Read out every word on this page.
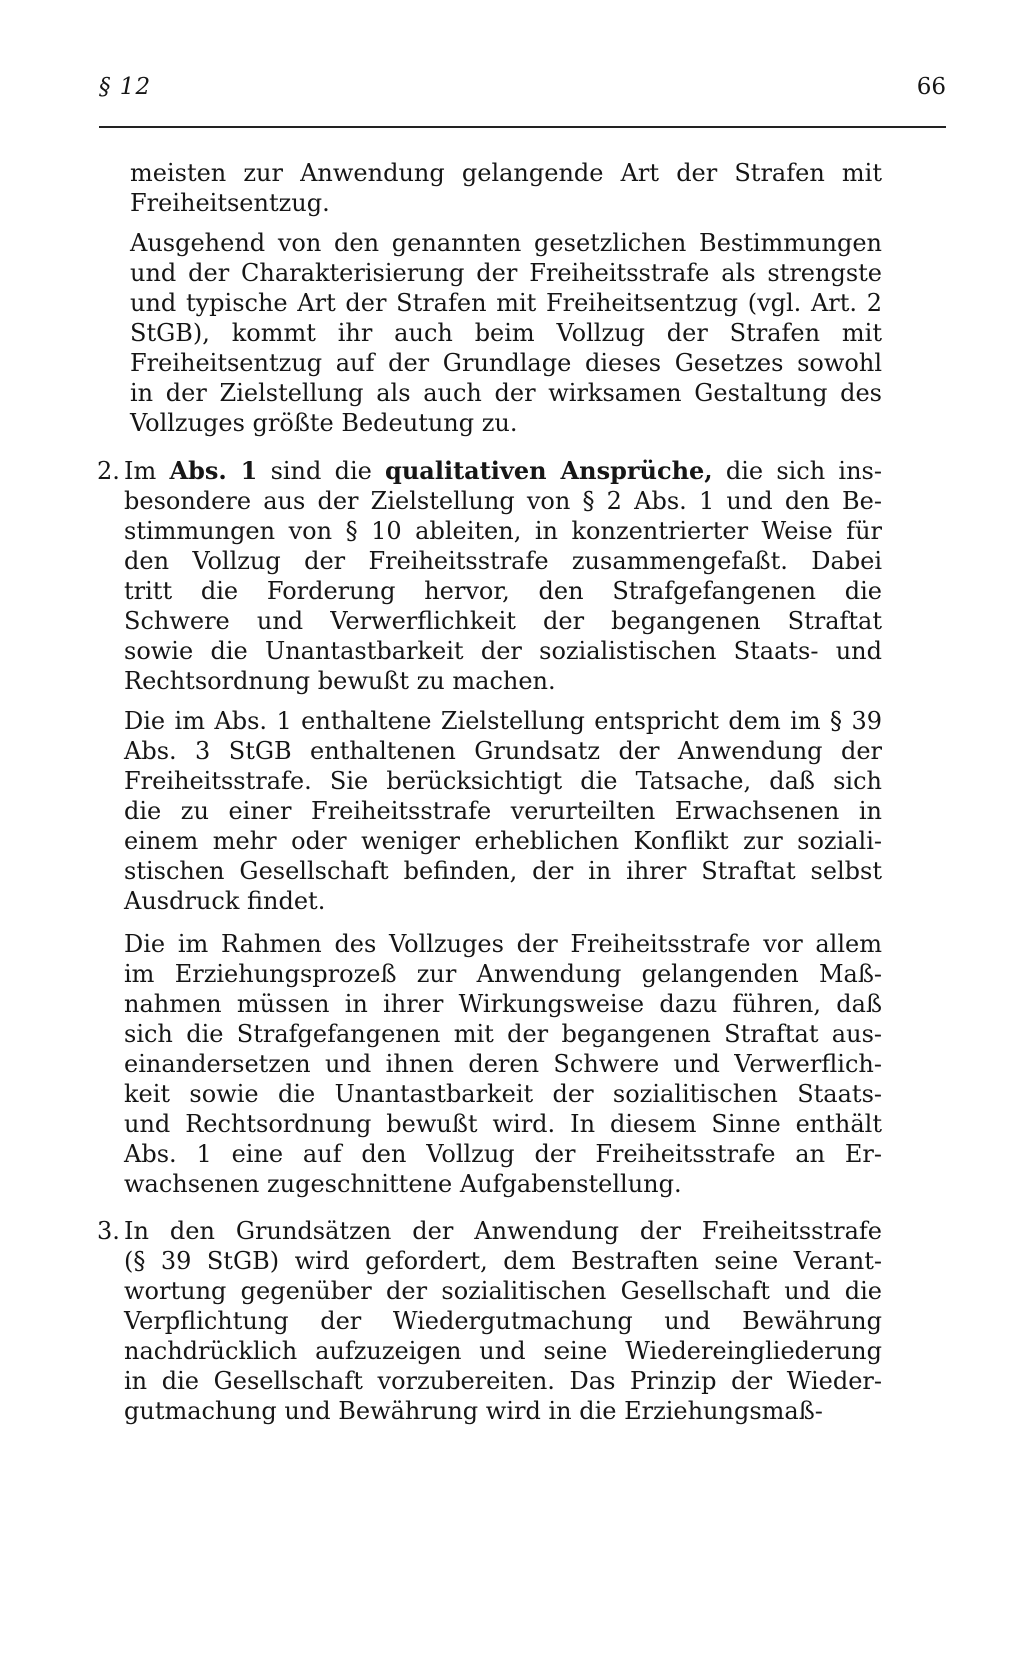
§ 12	66
meisten zur Anwendung gelangende Art der Strafen mit
Freiheitsentzug.
Ausgehend von den genannten gesetzlichen Bestimmungen
und der Charakterisierung der Freiheitsstrafe als strengste
und typische Art der Strafen mit Freiheitsentzug (vgl. Art. 2
StGB), kommt ihr auch beim Vollzug der Strafen mit
Freiheitsentzug auf der Grundlage dieses Gesetzes sowohl
in der Zielstellung als auch der wirksamen Gestaltung des
Vollzuges größte Bedeutung zu.
2. Im Abs. 1 sind die qualitativen Ansprüche, die sich ins-
besondere aus der Zielstellung von § 2 Abs. 1 und den Be-
stimmungen von § 10 ableiten, in konzentrierter Weise für
den Vollzug der Freiheitsstrafe zusammengefaßt. Dabei
tritt die Forderung hervor, den Strafgefangenen die
Schwere und Verwerflichkeit der begangenen Straftat
sowie die Unantastbarkeit der sozialistischen Staats- und
Rechtsordnung bewußt zu machen.
Die im Abs. 1 enthaltene Zielstellung entspricht dem im § 39
Abs. 3 StGB enthaltenen Grundsatz der Anwendung der
Freiheitsstrafe. Sie berücksichtigt die Tatsache, daß sich
die zu einer Freiheitsstrafe verurteilten Erwachsenen in
einem mehr oder weniger erheblichen Konflikt zur soziali-
stischen Gesellschaft befinden, der in ihrer Straftat selbst
Ausdruck findet.
Die im Rahmen des Vollzuges der Freiheitsstrafe vor allem
im Erziehungsprozeß zur Anwendung gelangenden Maß-
nahmen müssen in ihrer Wirkungsweise dazu führen, daß
sich die Strafgefangenen mit der begangenen Straftat aus-
einandersetzen und ihnen deren Schwere und Verwerflich-
keit sowie die Unantastbarkeit der sozialitischen Staats-
und Rechtsordnung bewußt wird. In diesem Sinne enthält
Abs. 1 eine auf den Vollzug der Freiheitsstrafe an Er-
wachsenen zugeschnittene Aufgabenstellung.
3. In den Grundsätzen der Anwendung der Freiheitsstrafe
(§ 39 StGB) wird gefordert, dem Bestraften seine Verant-
wortung gegenüber der sozialitischen Gesellschaft und die
Verpflichtung der Wiedergutmachung und Bewährung
nachdrücklich aufzuzeigen und seine Wiedereingliederung
in die Gesellschaft vorzubereiten. Das Prinzip der Wieder-
gutmachung und Bewährung wird in die Erziehungsmaß-
